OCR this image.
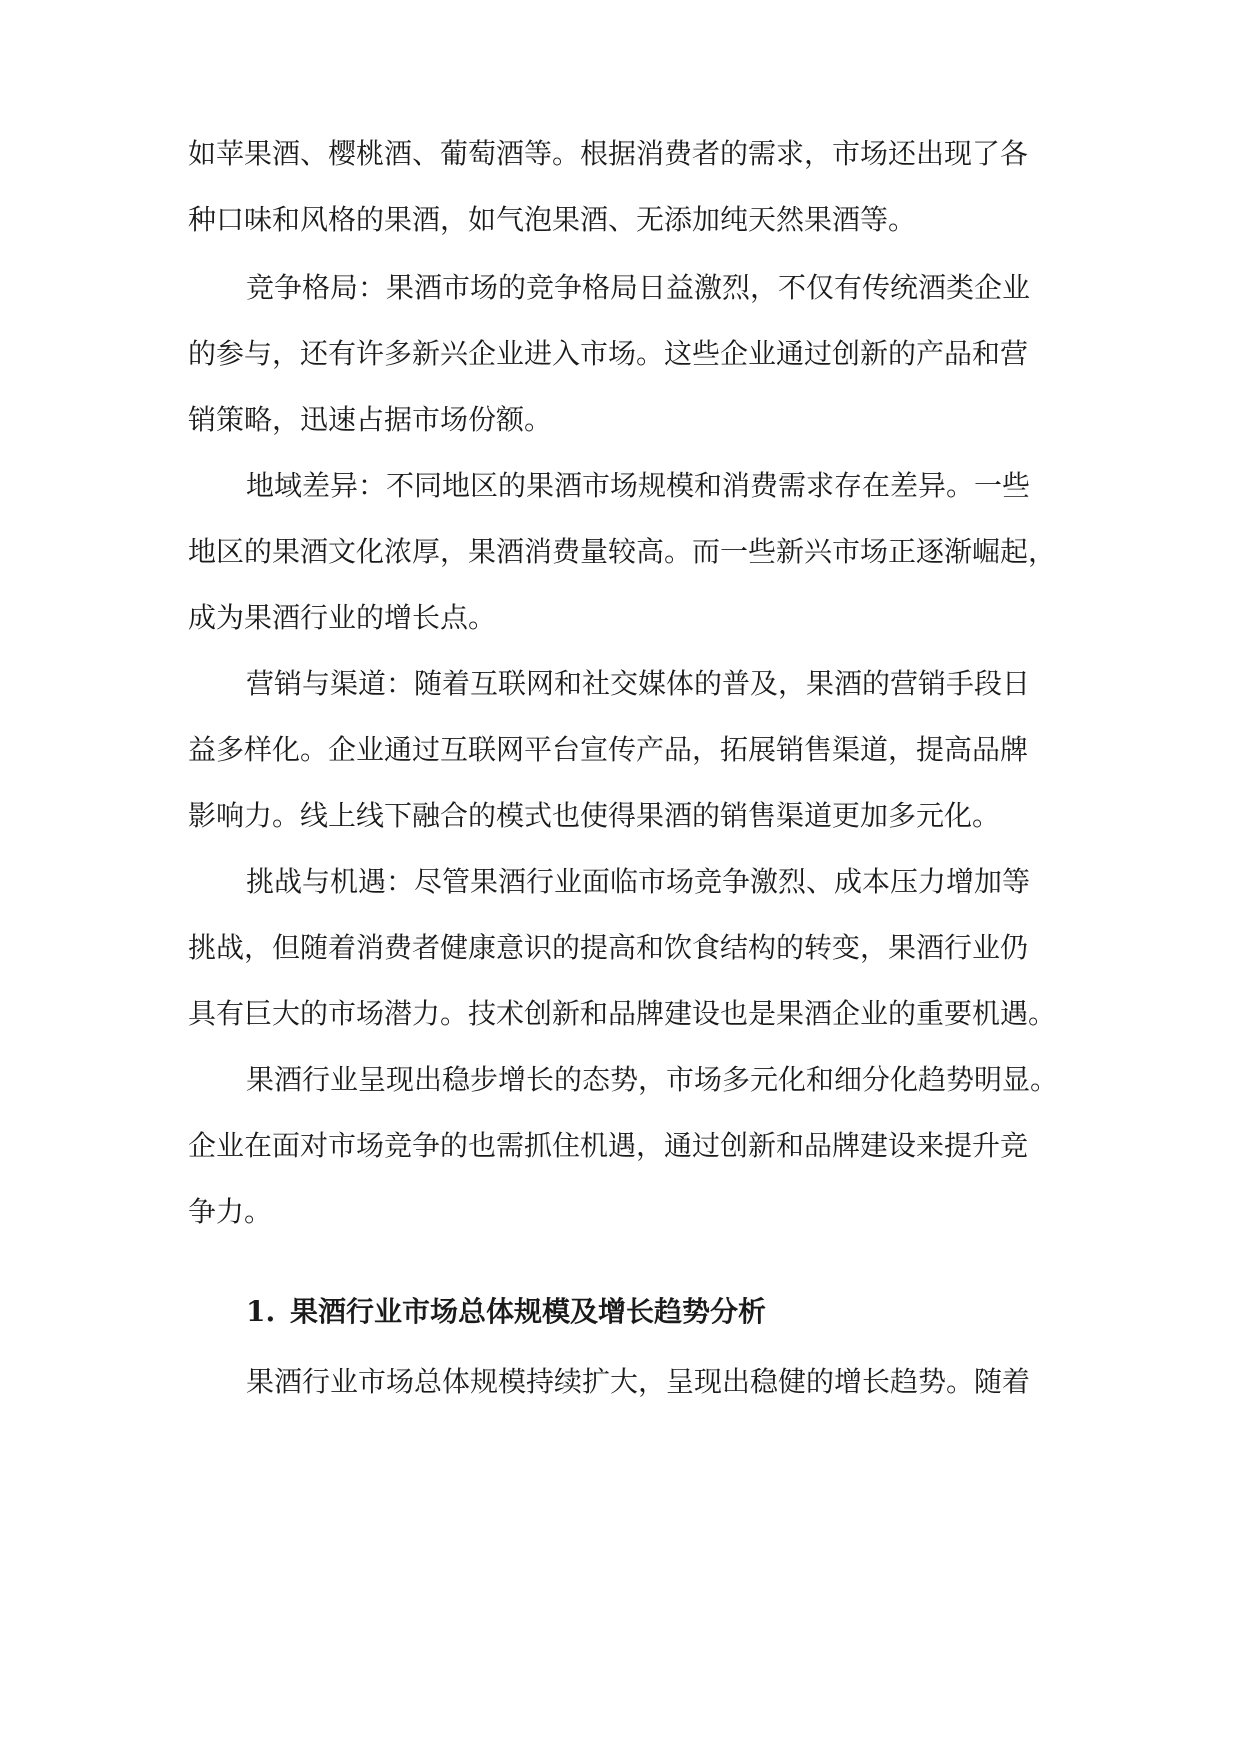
如苹果酒、樱桃酒、葡萄酒等。根据消费者的需求，市场还出现了各
种口味和风格的果酒，如气泡果酒、无添加纯天然果酒等。
竞争格局：果酒市场的竞争格局日益激烈，不仅有传统酒类企业
的参与，还有许多新兴企业进入市场。这些企业通过创新的产品和营
销策略，迅速占据市场份额。
地域差异：不同地区的果酒市场规模和消费需求存在差异。一些
地区的果酒文化浓厚，果酒消费量较高。而一些新兴市场正逐渐崛起，
成为果酒行业的增长点。
营销与渠道：随着互联网和社交媒体的普及，果酒的营销手段日
益多样化。企业通过互联网平台宣传产品，拓展销售渠道，提高品牌
影响力。线上线下融合的模式也使得果酒的销售渠道更加多元化。
挑战与机遇：尽管果酒行业面临市场竞争激烈、成本压力增加等
挑战，但随着消费者健康意识的提高和饮食结构的转变，果酒行业仍
具有巨大的市场潜力。技术创新和品牌建设也是果酒企业的重要机遇。
果酒行业呈现出稳步增长的态势，市场多元化和细分化趋势明显。
企业在面对市场竞争的也需抓住机遇，通过创新和品牌建设来提升竞
争力。
1. 果酒行业市场总体规模及增长趋势分析
果酒行业市场总体规模持续扩大，呈现出稳健的增长趋势。随着
